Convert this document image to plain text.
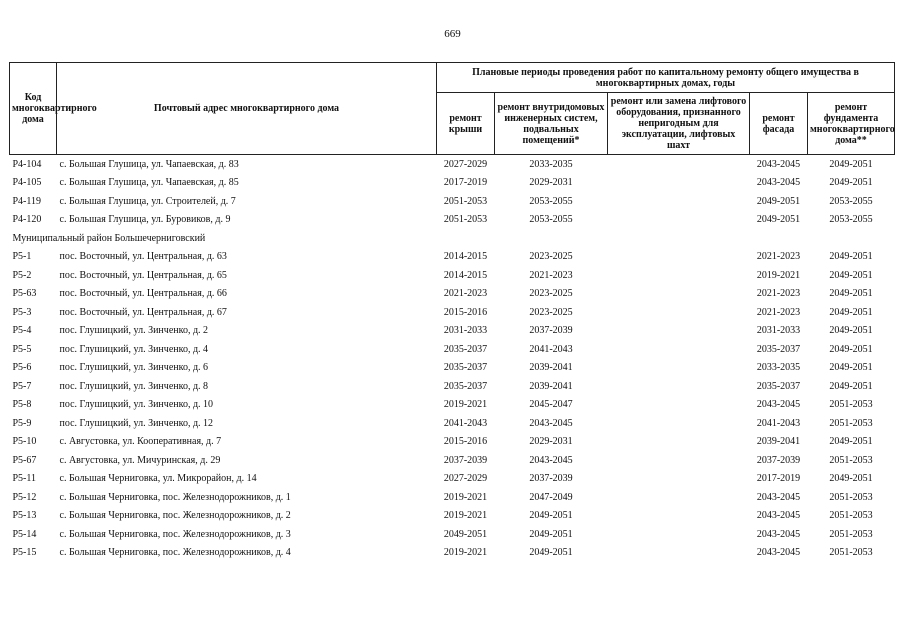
669
Код многоквартирного дома	Почтовый адрес многоквартирного дома	Плановые периоды проведения работ по капитальному ремонту общего имущества в многоквартирных домах, годы				
		ремонт крыши	ремонт внутридомовых инженерных систем, подвальных помещений*	ремонт или замена лифтового оборудования, признанного непригодным для эксплуатации, лифтовых шахт	ремонт фасада	ремонт фундамента многоквартирного дома**
Р4-104	с. Большая Глушица, ул. Чапаевская, д. 83	2027-2029	2033-2035		2043-2045	2049-2051
Р4-105	с. Большая Глушица, ул. Чапаевская, д. 85	2017-2019	2029-2031		2043-2045	2049-2051
Р4-119	с. Большая Глушица, ул. Строителей, д. 7	2051-2053	2053-2055		2049-2051	2053-2055
Р4-120	с. Большая Глушица, ул. Буровиков, д. 9	2051-2053	2053-2055		2049-2051	2053-2055
Муниципальный район Большечерниговский						
Р5-1	пос. Восточный, ул. Центральная, д. 63	2014-2015	2023-2025		2021-2023	2049-2051
Р5-2	пос. Восточный, ул. Центральная, д. 65	2014-2015	2021-2023		2019-2021	2049-2051
Р5-63	пос. Восточный, ул. Центральная, д. 66	2021-2023	2023-2025		2021-2023	2049-2051
Р5-3	пос. Восточный, ул. Центральная, д. 67	2015-2016	2023-2025		2021-2023	2049-2051
Р5-4	пос. Глушицкий, ул. Зинченко, д. 2	2031-2033	2037-2039		2031-2033	2049-2051
Р5-5	пос. Глушицкий, ул. Зинченко, д. 4	2035-2037	2041-2043		2035-2037	2049-2051
Р5-6	пос. Глушицкий, ул. Зинченко, д. 6	2035-2037	2039-2041		2033-2035	2049-2051
Р5-7	пос. Глушицкий, ул. Зинченко, д. 8	2035-2037	2039-2041		2035-2037	2049-2051
Р5-8	пос. Глушицкий, ул. Зинченко, д. 10	2019-2021	2045-2047		2043-2045	2051-2053
Р5-9	пос. Глушицкий, ул. Зинченко, д. 12	2041-2043	2043-2045		2041-2043	2051-2053
Р5-10	с. Августовка, ул. Кооперативная, д. 7	2015-2016	2029-2031		2039-2041	2049-2051
Р5-67	с. Августовка, ул. Мичуринская, д. 29	2037-2039	2043-2045		2037-2039	2051-2053
Р5-11	с. Большая Черниговка, ул. Микрорайон, д. 14	2027-2029	2037-2039		2017-2019	2049-2051
Р5-12	с. Большая Черниговка, пос. Железнодорожников, д. 1	2019-2021	2047-2049		2043-2045	2051-2053
Р5-13	с. Большая Черниговка, пос. Железнодорожников, д. 2	2019-2021	2049-2051		2043-2045	2051-2053
Р5-14	с. Большая Черниговка, пос. Железнодорожников, д. 3	2049-2051	2049-2051		2043-2045	2051-2053
Р5-15	с. Большая Черниговка, пос. Железнодорожников, д. 4	2019-2021	2049-2051		2043-2045	2051-2053
